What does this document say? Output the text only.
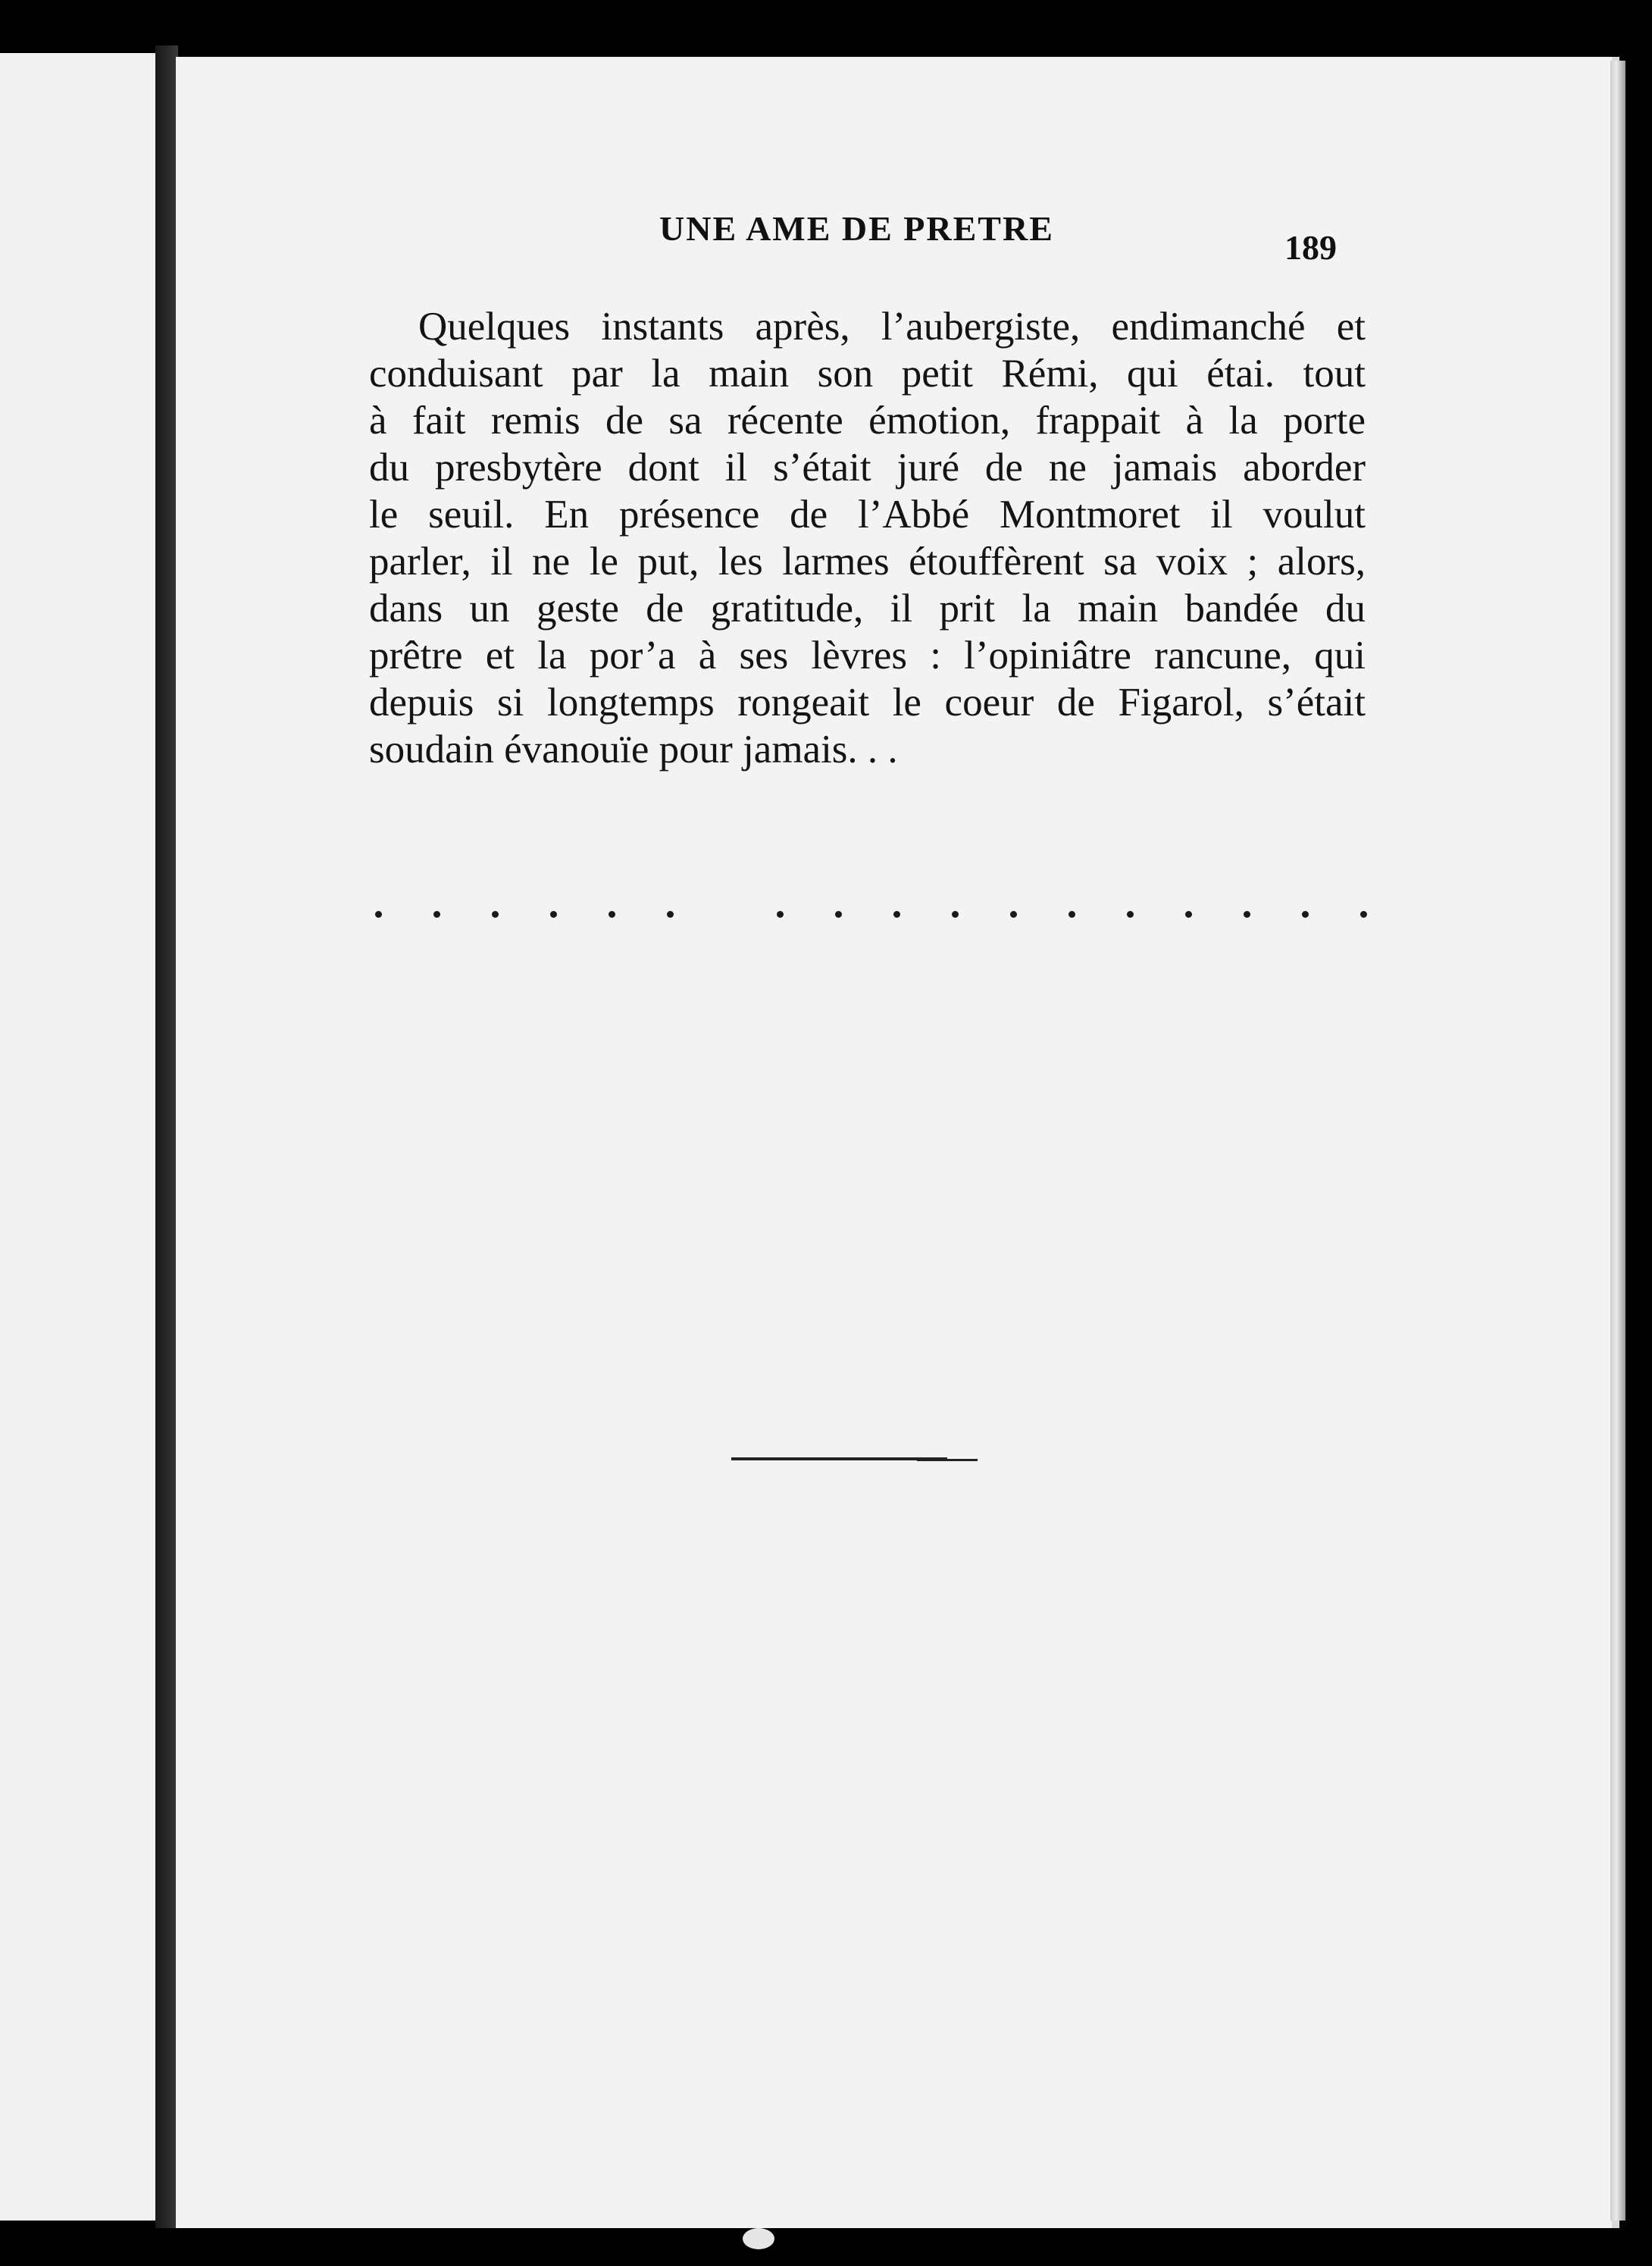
UNE AME DE PRETRE	189
Quelques instants après, l’aubergiste, endimanché et
conduisant par la main son petit Rémi, qui étai. tout
à fait remis de sa récente émotion, frappait à la porte
du presbytère dont il s’était juré de ne jamais aborder
le seuil. En présence de l’Abbé Montmoret il voulut
parler, il ne le put, les larmes étouffèrent sa voix ; alors,
dans un geste de gratitude, il prit la main bandée du
prêtre et la por’a à ses lèvres : l’opiniâtre rancune, qui
depuis si longtemps rongeait le coeur de Figarol, s’était
soudain évanouïe pour jamais. . .
